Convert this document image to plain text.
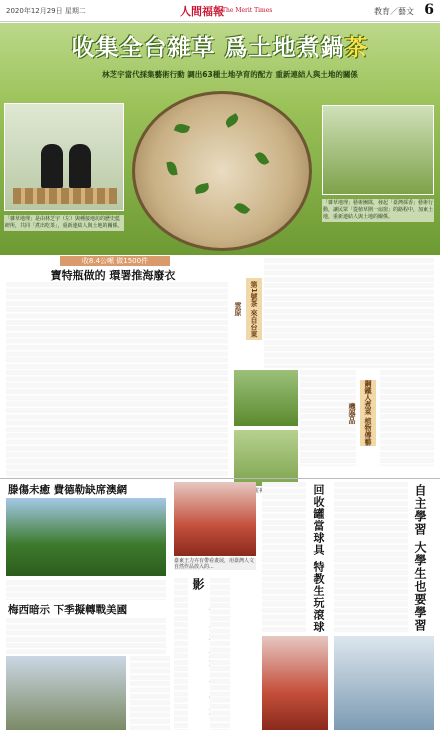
2020年12月29日 星期二	人間福報
The Merit Times	教育／藝文 6
收集全台雜草 爲土地煮鍋茶
林芝宇當代採集藝術行動 調出63種土地孕育的配方 重新連結人與土地的關係
「雜草地理」是由林芝宇（左）與種接地坊的歷史藍研所，共同「煮出吃茶」，重新連結人與土地的關係。
「雜草地理」藝術團隊，發起「臺灣採香」藝術行動，讓民眾「從植草開一扇窗」的路程中，加東土地，重新連結人與土地的關係。
收8.4公噸 做1500件
寶特瓶做的 環署推海廢衣
第1號茶 來自台東雲原
鋼鐵人煮菜 植物傳藝機器品
滕傷未癒 費德勒缺席澳網
梅西暗示 下季擬轉戰美國
臺東王力卉有帶看畫展，用臺灣人文自然作品放入的...
影	回收罐當球具 特教生玩滾球	自主學習 大學生也要學習
